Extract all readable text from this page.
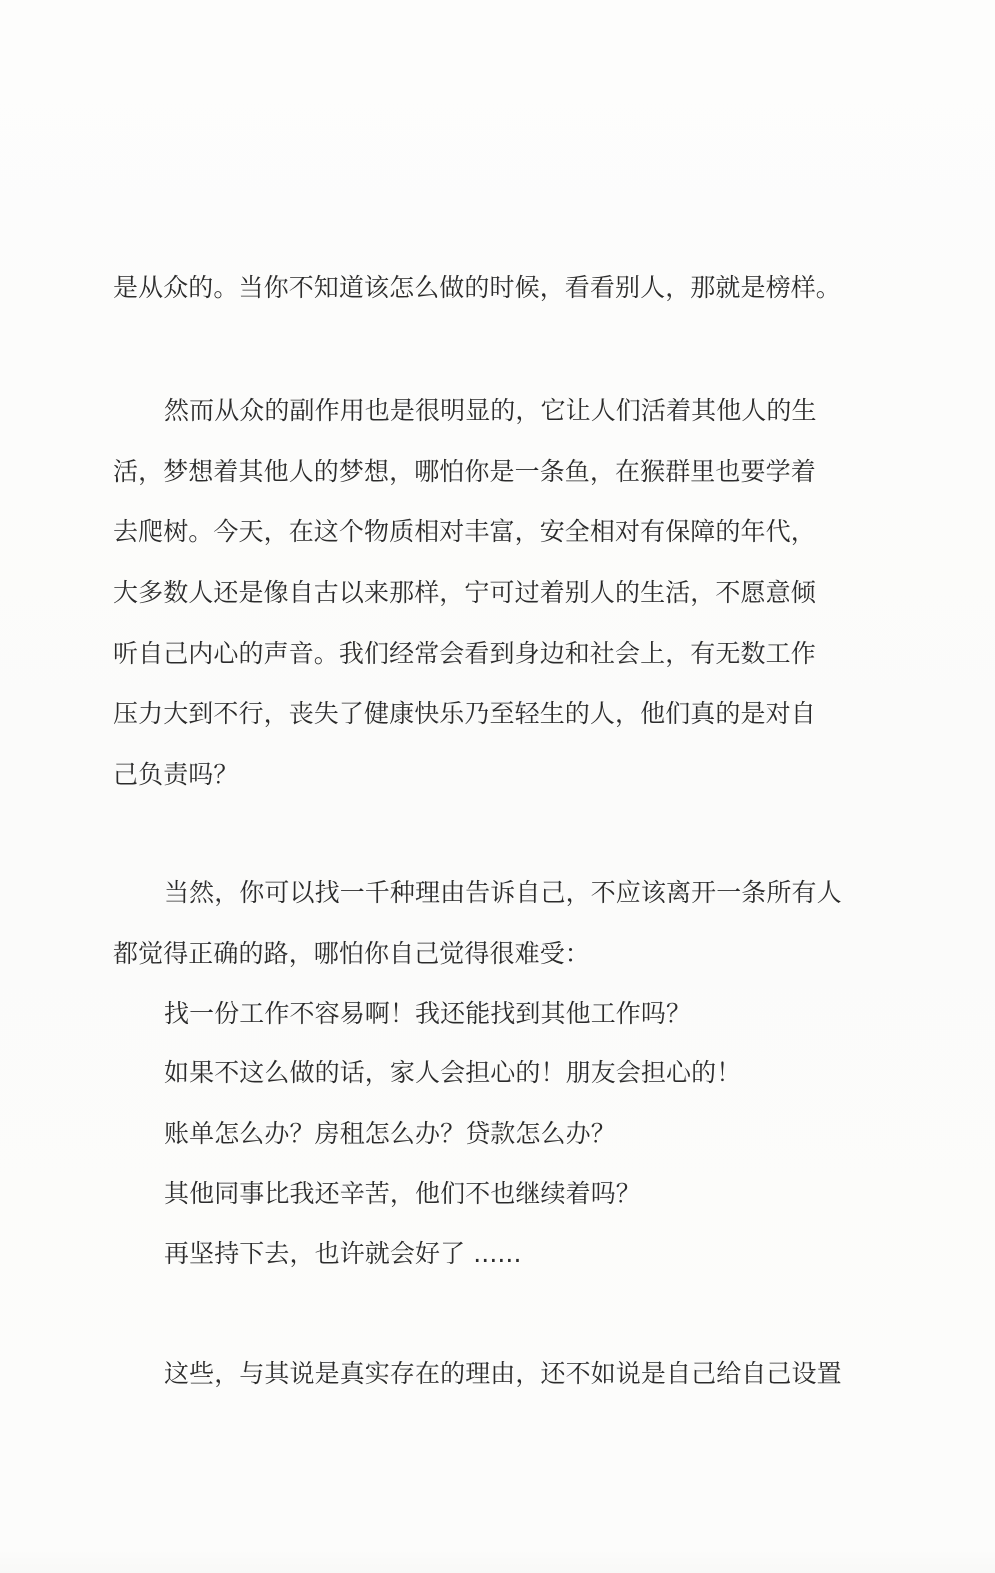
是从众的。当你不知道该怎么做的时候，看看别人，那就是榜样。
然而从众的副作用也是很明显的，它让人们活着其他人的生
活，梦想着其他人的梦想，哪怕你是一条鱼，在猴群里也要学着
去爬树。今天，在这个物质相对丰富，安全相对有保障的年代，
大多数人还是像自古以来那样，宁可过着别人的生活，不愿意倾
听自己内心的声音。我们经常会看到身边和社会上，有无数工作
压力大到不行，丧失了健康快乐乃至轻生的人，他们真的是对自
己负责吗？
当然，你可以找一千种理由告诉自己，不应该离开一条所有人
都觉得正确的路，哪怕你自己觉得很难受：
找一份工作不容易啊！我还能找到其他工作吗？
如果不这么做的话，家人会担心的！朋友会担心的！
账单怎么办？房租怎么办？贷款怎么办？
其他同事比我还辛苦，他们不也继续着吗？
再坚持下去，也许就会好了 ......
这些，与其说是真实存在的理由，还不如说是自己给自己设置
